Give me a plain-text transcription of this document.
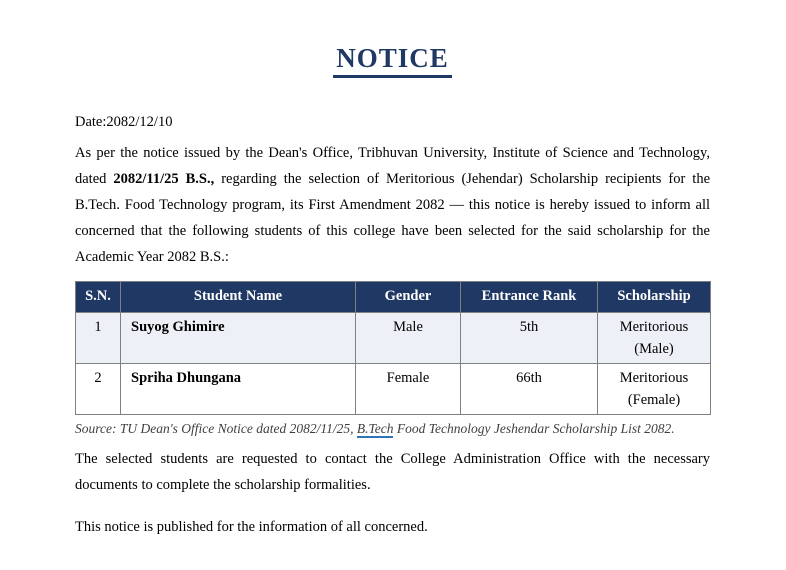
NOTICE

Date:2082/12/10

As per the notice issued by the Dean's Office, Tribhuvan University, Institute of Science and Technology, dated 2082/11/25 B.S., regarding the selection of Meritorious (Jehendar) Scholarship recipients for the B.Tech. Food Technology program, its First Amendment 2082 — this notice is hereby issued to inform all concerned that the following students of this college have been selected for the said scholarship for the Academic Year 2082 B.S.:

S.N.	Student Name	Gender	Entrance Rank	Scholarship
1	Suyog Ghimire	Male	5th	Meritorious (Male)
2	Spriha Dhungana	Female	66th	Meritorious (Female)

Source: TU Dean's Office Notice dated 2082/11/25, B.Tech Food Technology Jeshendar Scholarship List 2082.

The selected students are requested to contact the College Administration Office with the necessary documents to complete the scholarship formalities.

This notice is published for the information of all concerned.
